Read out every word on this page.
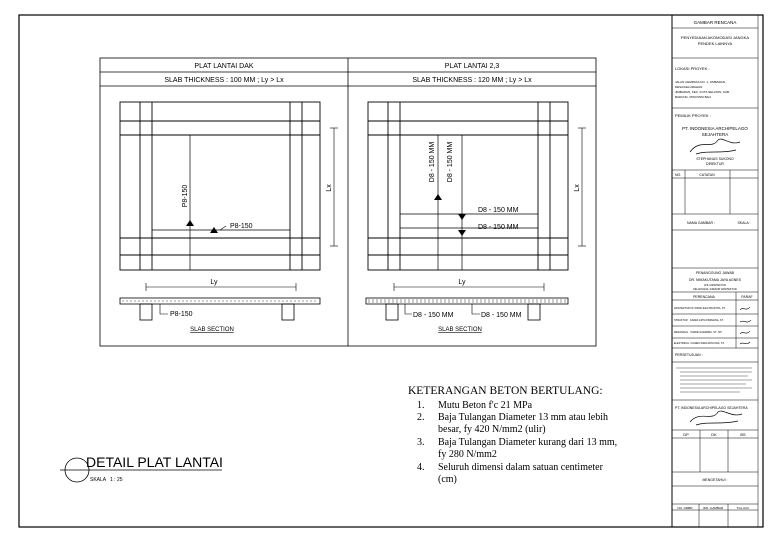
PLAT LANTAI DAK
SLAB THICKNESS : 100 MM ; Ly > Lx
PLAT LANTAI 2,3
SLAB THICKNESS : 120 MM ; Ly > Lx
P8-150
P8-150
Ly
Lx
P8-150
SLAB SECTION
D8 - 150 MM D8 - 150 MM
D8 - 150 MM
D8 - 150 MM
Ly
Lx
D8 - 150 MM	D8 - 150 MM
SLAB SECTION
DETAIL PLAT LANTAI
SKALA 1 : 25
KETERANGAN BETON BERTULANG:
1. Mutu Beton f'c 21 MPa
2. Baja Tulangan Diameter 13 mm atau lebih
besar, fy 420 N/mm2 (ulir)
3. Baja Tulangan Diameter kurang dari 13 mm,
fy 280 N/mm2
4. Seluruh dimensi dalam satuan centimeter
(cm)
GAMBAR RENCANA
PENYEDIAAN AKOMODASI JANGKA
PENDEK LAINNYA
LOKASI PROYEK :
JALAN CEMPAKA NO. 1, JIMBARAN,
DESA/KELURAHAN
JIMBARAN, KEC. KUTA SELATAN, KAB.
BADUNG, PROVINSI BALI
PEMILIK PROYEK :
PT. INDONESIA ARCHIPELAGO
SEJAHTERA
STEPHANUS SUKONO
DIREKTUR
NO.	CATATAN
NAMA GAMBAR :	SKALA :
PENANGGUNG JAWAB
DR. NIMAKUTAMA JAYA AGNES
AHLI ARSITEKTUR
PELAKSANA / ASESOR ARSITEKTUR
PERENCANA	PARAF
ARSITEKTUR I NYOMAN EKA PRASTHA, ST.
STRUKTUR KADEK ARYA PRAMANA, ST.
MEKANIKAL I MADE SUDARMA, ST., MT.
ELEKTRIKAL I KADEK WIRA ADNYANA, ST.
PERSETUJUAN :
PT. INDONESIA ARCHIPELAGO SEJAHTERA
DP	DK	BS
MENGETAHUI :
NO. GMBR	JML. GAMBAR	TGL ACC
